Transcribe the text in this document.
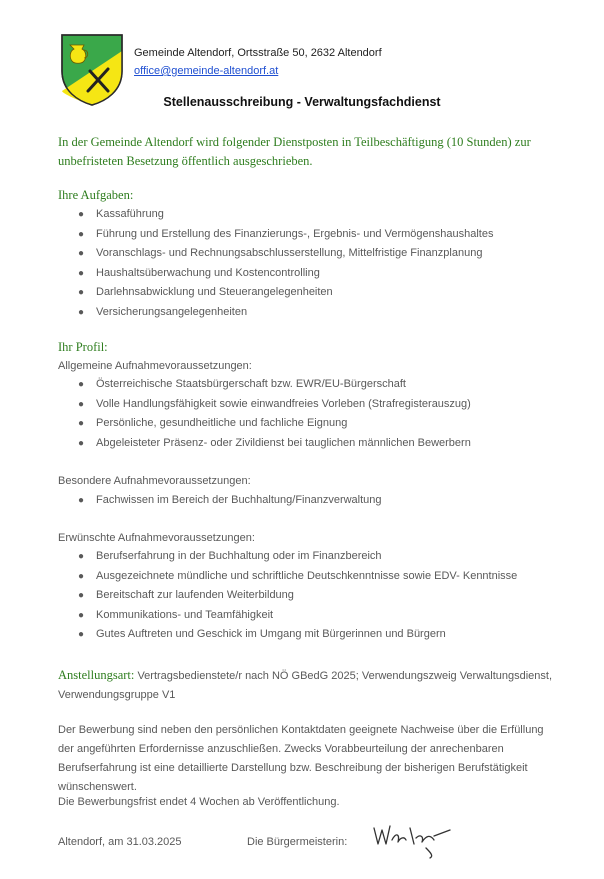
Gemeinde Altendorf, Ortsstraße 50, 2632 Altendorf
office@gemeinde-altendorf.at
Stellenausschreibung - Verwaltungsfachdienst
In der Gemeinde Altendorf wird folgender Dienstposten in Teilbeschäftigung (10 Stunden) zur unbefristeten Besetzung öffentlich ausgeschrieben.
Ihre Aufgaben:
● Kassaführung
● Führung und Erstellung des Finanzierungs-, Ergebnis- und Vermögenshaushaltes
● Voranschlags- und Rechnungsabschlusserstellung, Mittelfristige Finanzplanung
● Haushaltsüberwachung und Kostencontrolling
● Darlehnsabwicklung und Steuerangelegenheiten
● Versicherungsangelegenheiten
Ihr Profil:
Allgemeine Aufnahmevoraussetzungen:
● Österreichische Staatsbürgerschaft bzw. EWR/EU-Bürgerschaft
● Volle Handlungsfähigkeit sowie einwandfreies Vorleben (Strafregisterauszug)
● Persönliche, gesundheitliche und fachliche Eignung
● Abgeleisteter Präsenz- oder Zivildienst bei tauglichen männlichen Bewerbern
Besondere Aufnahmevoraussetzungen:
● Fachwissen im Bereich der Buchhaltung/Finanzverwaltung
Erwünschte Aufnahmevoraussetzungen:
● Berufserfahrung in der Buchhaltung oder im Finanzbereich
● Ausgezeichnete mündliche und schriftliche Deutschkenntnisse sowie EDV- Kenntnisse
● Bereitschaft zur laufenden Weiterbildung
● Kommunikations- und Teamfähigkeit
● Gutes Auftreten und Geschick im Umgang mit Bürgerinnen und Bürgern
Anstellungsart: Vertragsbedienstete/r nach NÖ GBedG 2025; Verwendungszweig Verwaltungsdienst, Verwendungsgruppe V1
Der Bewerbung sind neben den persönlichen Kontaktdaten geeignete Nachweise über die Erfüllung der angeführten Erfordernisse anzuschließen. Zwecks Vorabbeurteilung der anrechenbaren Berufserfahrung ist eine detaillierte Darstellung bzw. Beschreibung der bisherigen Berufstätigkeit wünschenswert.
Die Bewerbungsfrist endet 4 Wochen ab Veröffentlichung.
Altendorf, am 31.03.2025	Die Bürgermeisterin:
